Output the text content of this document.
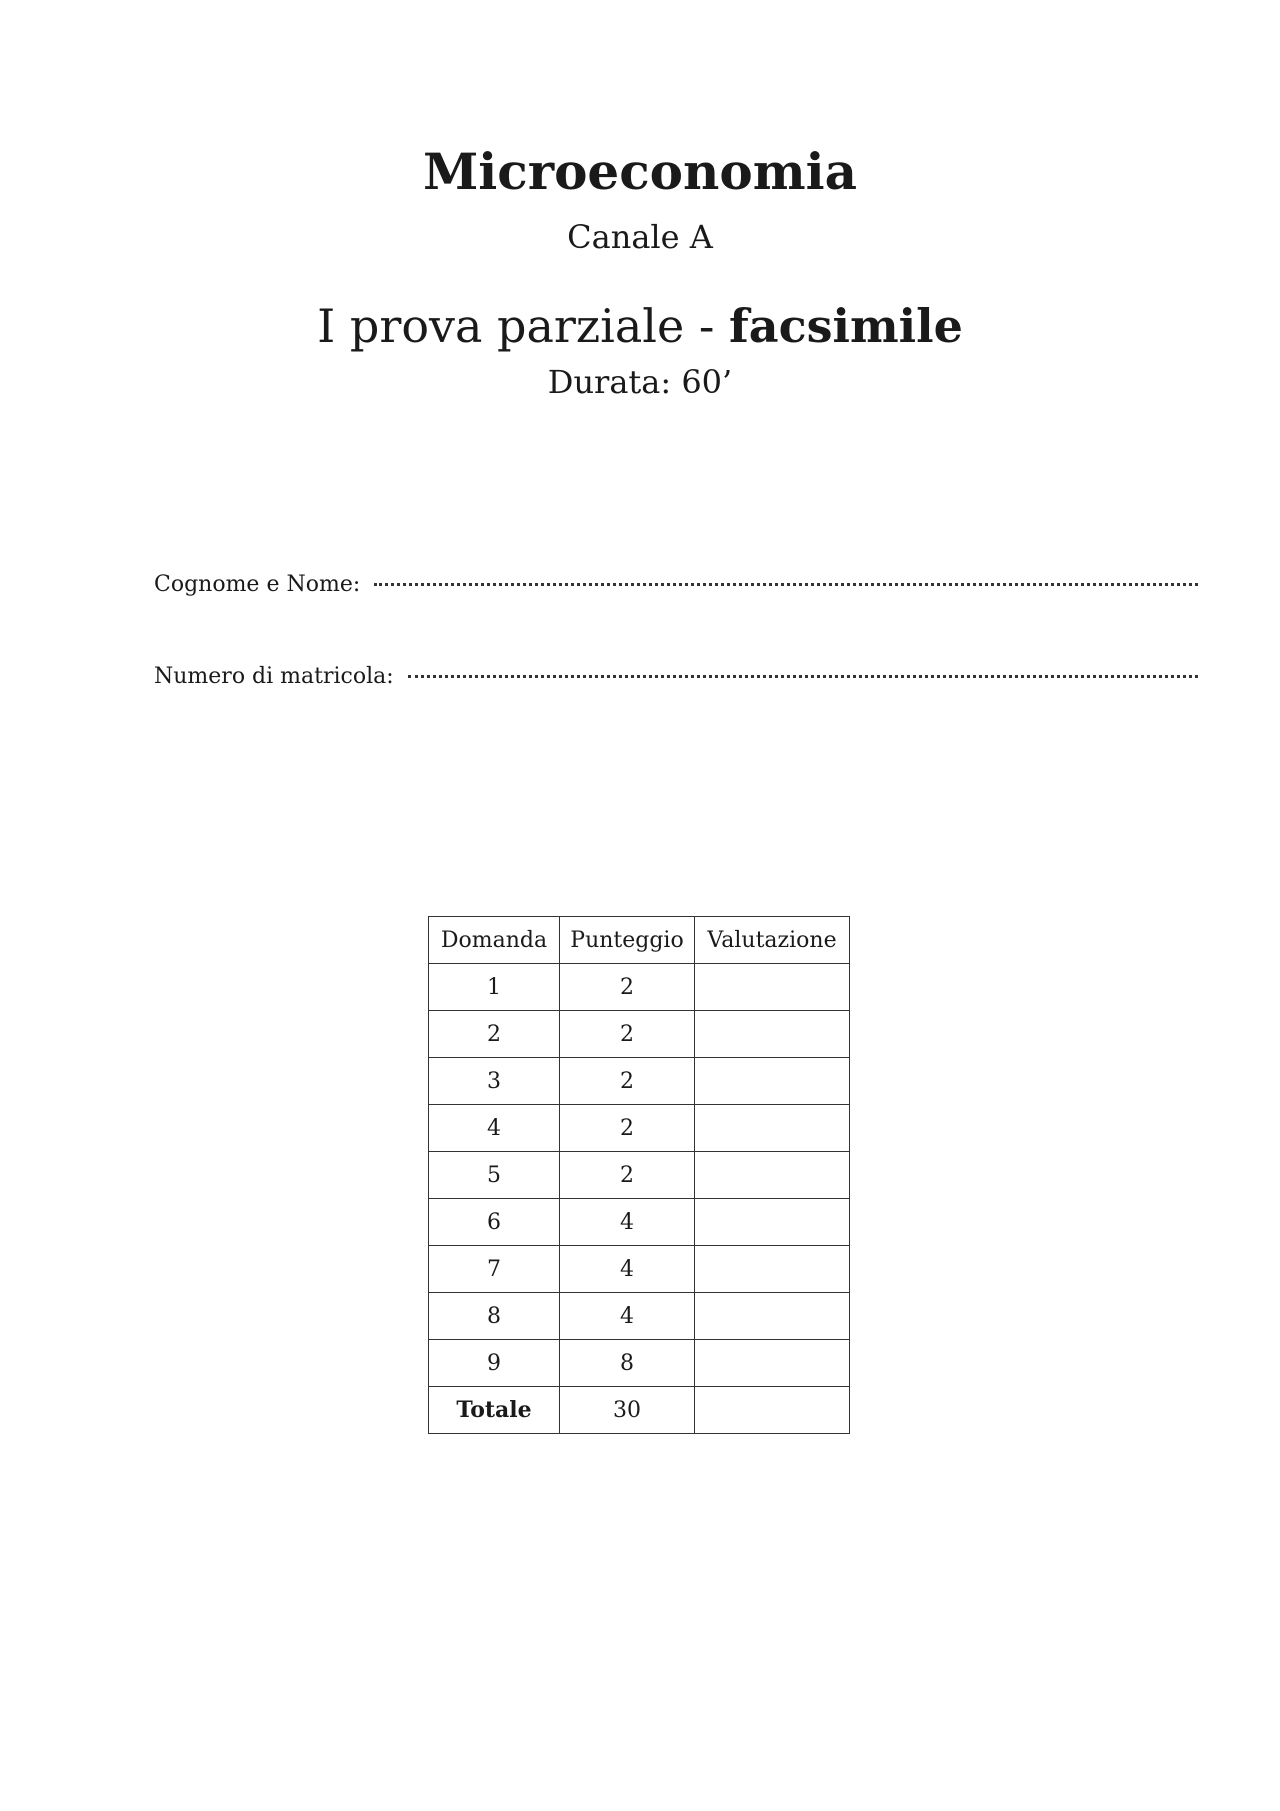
Microeconomia
Canale A
I prova parziale - facsimile
Durata: 60’
Cognome e Nome:
Numero di matricola:
Domanda	Punteggio	Valutazione
1	2	
2	2	
3	2	
4	2	
5	2	
6	4	
7	4	
8	4	
9	8	
Totale	30	
